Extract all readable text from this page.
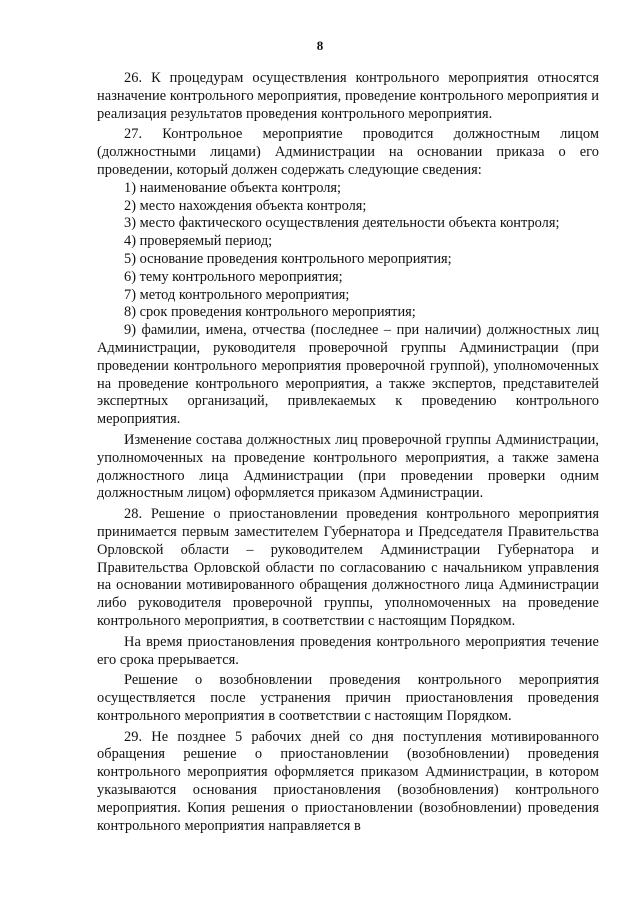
8

26. К процедурам осуществления контрольного мероприятия относятся назначение контрольного мероприятия, проведение контрольного мероприятия и реализация результатов проведения контрольного мероприятия.

27. Контрольное мероприятие проводится должностным лицом (должностными лицами) Администрации на основании приказа о его проведении, который должен содержать следующие сведения:

1) наименование объекта контроля;

2) место нахождения объекта контроля;

3) место фактического осуществления деятельности объекта контроля;

4) проверяемый период;

5) основание проведения контрольного мероприятия;

6) тему контрольного мероприятия;

7) метод контрольного мероприятия;

8) срок проведения контрольного мероприятия;

9) фамилии, имена, отчества (последнее – при наличии) должностных лиц Администрации, руководителя проверочной группы Администрации (при проведении контрольного мероприятия проверочной группой), уполномоченных на проведение контрольного мероприятия, а также экспертов, представителей экспертных организаций, привлекаемых к проведению контрольного мероприятия.

Изменение состава должностных лиц проверочной группы Администрации, уполномоченных на проведение контрольного мероприятия, а также замена должностного лица Администрации (при проведении проверки одним должностным лицом) оформляется приказом Администрации.

28. Решение о приостановлении проведения контрольного мероприятия принимается первым заместителем Губернатора и Председателя Правительства Орловской области – руководителем Администрации Губернатора и Правительства Орловской области по согласованию с начальником управления на основании мотивированного обращения должностного лица Администрации либо руководителя проверочной группы, уполномоченных на проведение контрольного мероприятия, в соответствии с настоящим Порядком.

На время приостановления проведения контрольного мероприятия течение его срока прерывается.

Решение о возобновлении проведения контрольного мероприятия осуществляется после устранения причин приостановления проведения контрольного мероприятия в соответствии с настоящим Порядком.

29. Не позднее 5 рабочих дней со дня поступления мотивированного обращения решение о приостановлении (возобновлении) проведения контрольного мероприятия оформляется приказом Администрации, в котором указываются основания приостановления (возобновления) контрольного мероприятия. Копия решения о приостановлении (возобновлении) проведения контрольного мероприятия направляется в
